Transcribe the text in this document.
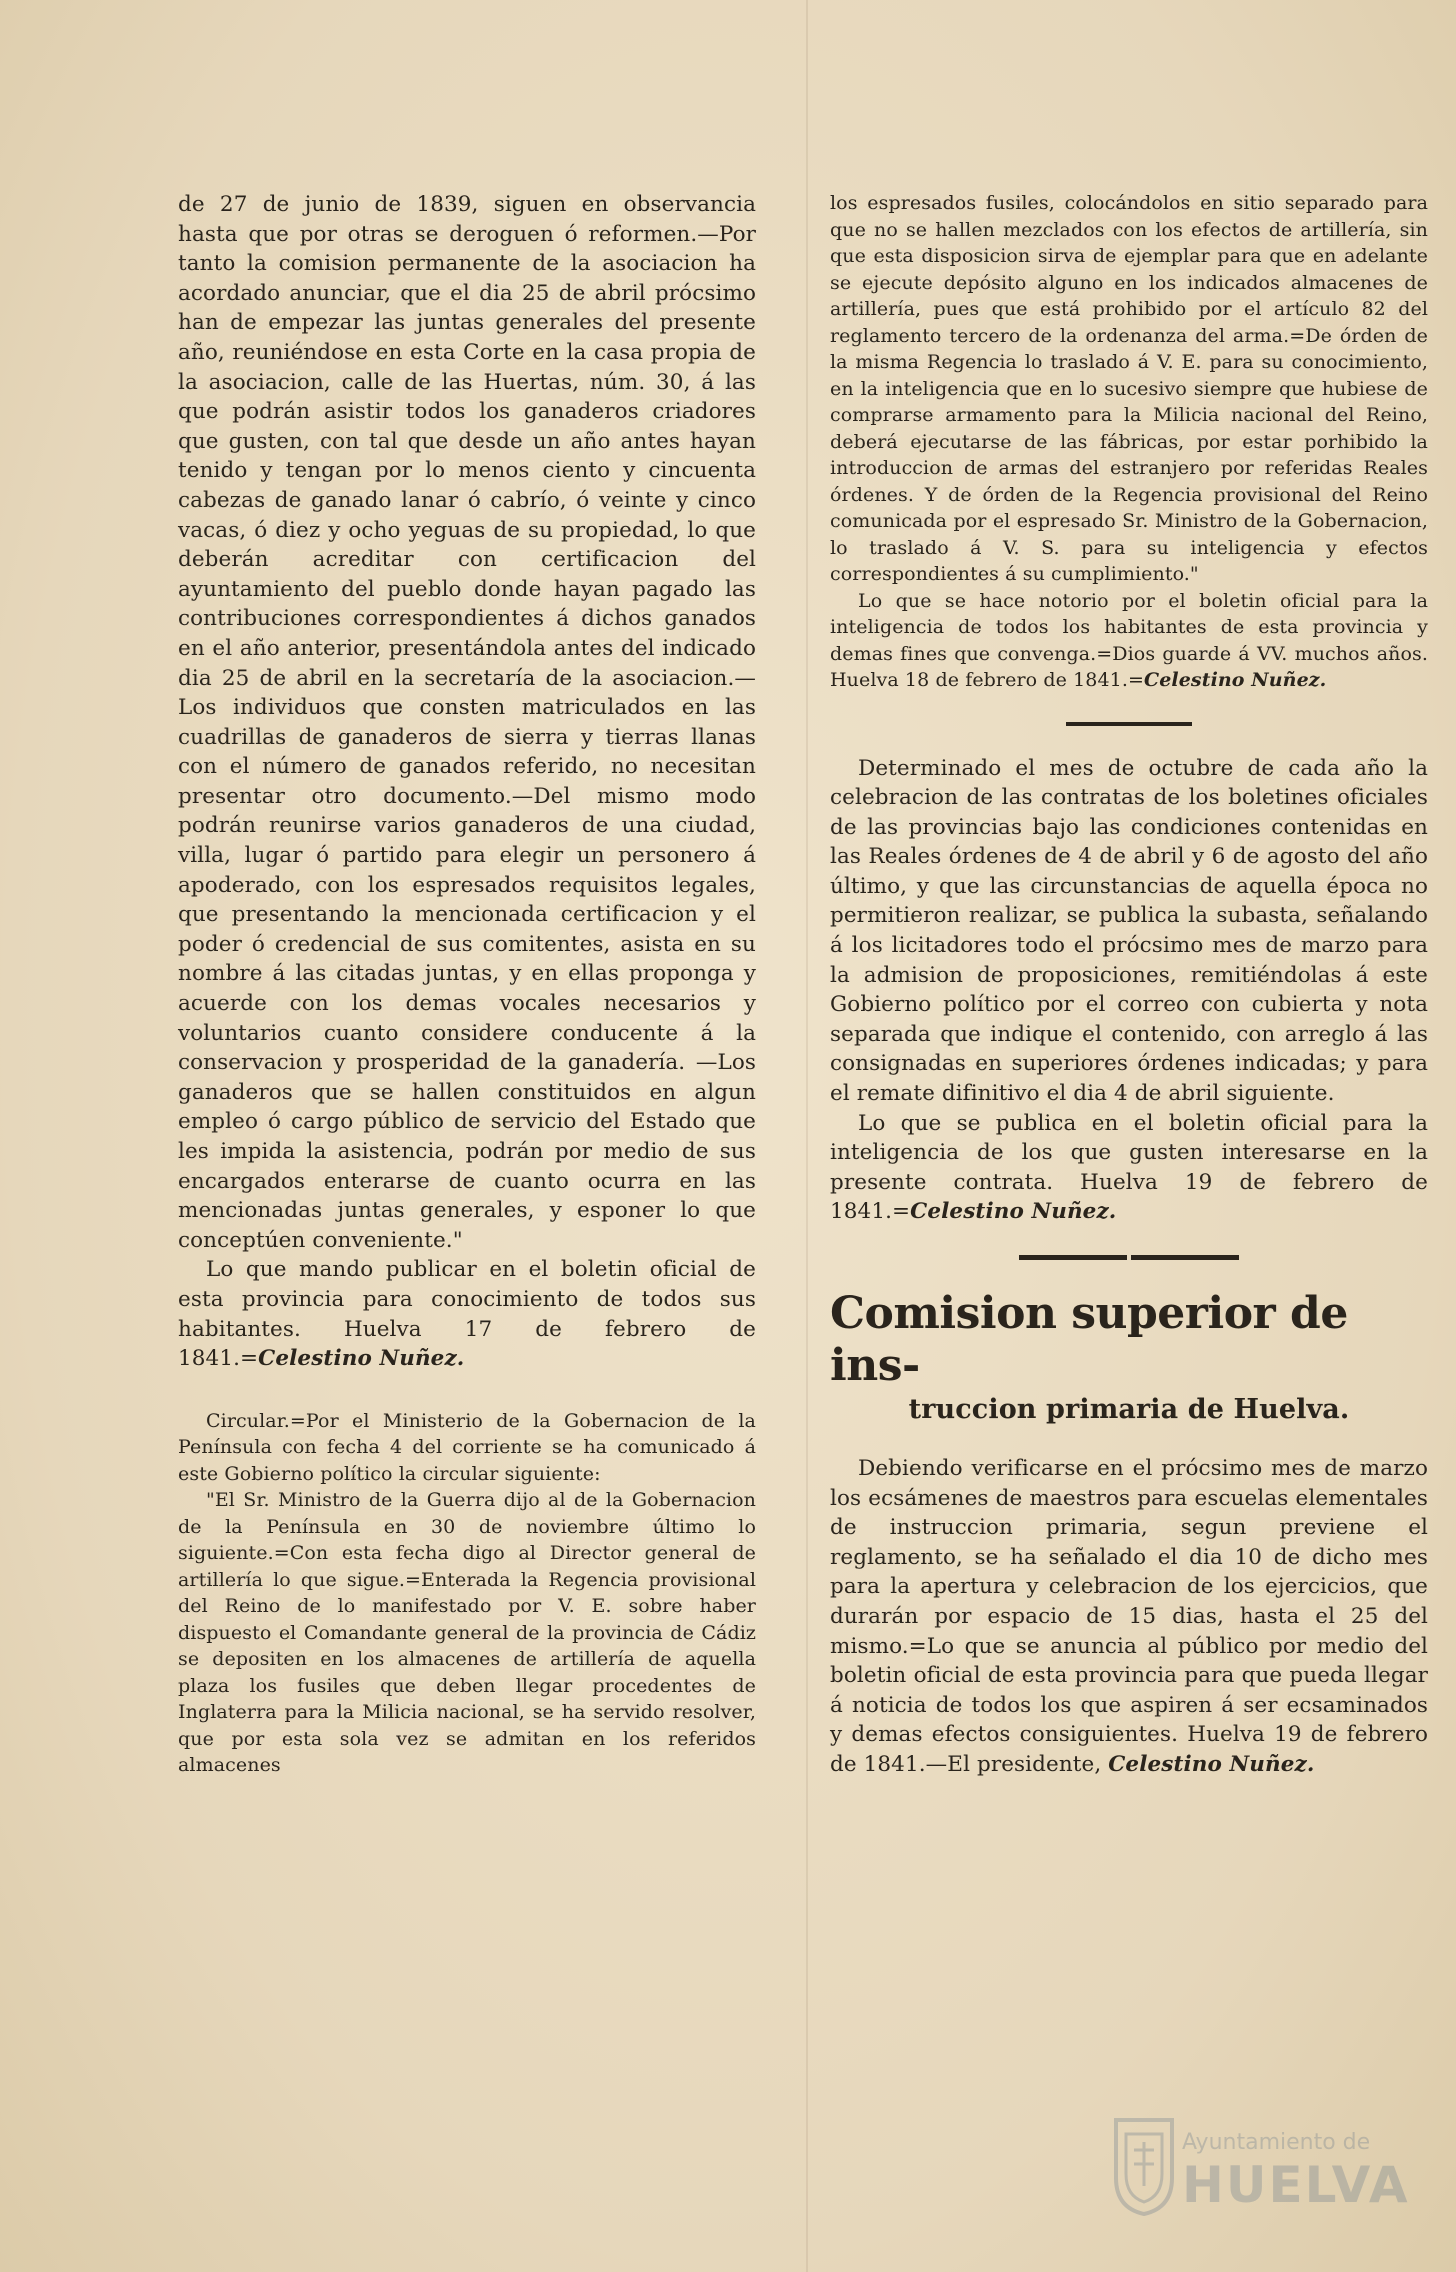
de 27 de junio de 1839, siguen en observancia hasta que por otras se deroguen ó reformen.—Por tanto la comision permanente de la asociacion ha acordado anunciar, que el dia 25 de abril prócsimo han de empezar las juntas generales del presente año, reuniéndose en esta Corte en la casa propia de la asociacion, calle de las Huertas, núm. 30, á las que podrán asistir todos los ganaderos criadores que gusten, con tal que desde un año antes hayan tenido y tengan por lo menos ciento y cincuenta cabezas de ganado lanar ó cabrío, ó veinte y cinco vacas, ó diez y ocho yeguas de su propiedad, lo que deberán acreditar con certificacion del ayuntamiento del pueblo donde hayan pagado las contribuciones correspondientes á dichos ganados en el año anterior, presentándola antes del indicado dia 25 de abril en la secretaría de la asociacion.—Los individuos que consten matriculados en las cuadrillas de ganaderos de sierra y tierras llanas con el número de ganados referido, no necesitan presentar otro documento.—Del mismo modo podrán reunirse varios ganaderos de una ciudad, villa, lugar ó partido para elegir un personero á apoderado, con los espresados requisitos legales, que presentando la mencionada certificacion y el poder ó credencial de sus comitentes, asista en su nombre á las citadas juntas, y en ellas proponga y acuerde con los demas vocales necesarios y voluntarios cuanto considere conducente á la conservacion y prosperidad de la ganadería. —Los ganaderos que se hallen constituidos en algun empleo ó cargo público de servicio del Estado que les impida la asistencia, podrán por medio de sus encargados enterarse de cuanto ocurra en las mencionadas juntas generales, y esponer lo que conceptúen conveniente."

Lo que mando publicar en el boletin oficial de esta provincia para conocimiento de todos sus habitantes. Huelva 17 de febrero de 1841.=Celestino Nuñez.

Circular.=Por el Ministerio de la Gobernacion de la Península con fecha 4 del corriente se ha comunicado á este Gobierno político la circular siguiente:

"El Sr. Ministro de la Guerra dijo al de la Gobernacion de la Península en 30 de noviembre último lo siguiente.=Con esta fecha digo al Director general de artillería lo que sigue.=Enterada la Regencia provisional del Reino de lo manifestado por V. E. sobre haber dispuesto el Comandante general de la provincia de Cádiz se depositen en los almacenes de artillería de aquella plaza los fusiles que deben llegar procedentes de Inglaterra para la Milicia nacional, se ha servido resolver, que por esta sola vez se admitan en los referidos almacenes

los espresados fusiles, colocándolos en sitio separado para que no se hallen mezclados con los efectos de artillería, sin que esta disposicion sirva de ejemplar para que en adelante se ejecute depósito alguno en los indicados almacenes de artillería, pues que está prohibido por el artículo 82 del reglamento tercero de la ordenanza del arma.=De órden de la misma Regencia lo traslado á V. E. para su conocimiento, en la inteligencia que en lo sucesivo siempre que hubiese de comprarse armamento para la Milicia nacional del Reino, deberá ejecutarse de las fábricas, por estar porhibido la introduccion de armas del estranjero por referidas Reales órdenes. Y de órden de la Regencia provisional del Reino comunicada por el espresado Sr. Ministro de la Gobernacion, lo traslado á V. S. para su inteligencia y efectos correspondientes á su cumplimiento."

Lo que se hace notorio por el boletin oficial para la inteligencia de todos los habitantes de esta provincia y demas fines que convenga.=Dios guarde á VV. muchos años. Huelva 18 de febrero de 1841.=Celestino Nuñez.

Determinado el mes de octubre de cada año la celebracion de las contratas de los boletines oficiales de las provincias bajo las condiciones contenidas en las Reales órdenes de 4 de abril y 6 de agosto del año último, y que las circunstancias de aquella época no permitieron realizar, se publica la subasta, señalando á los licitadores todo el prócsimo mes de marzo para la admision de proposiciones, remitiéndolas á este Gobierno político por el correo con cubierta y nota separada que indique el contenido, con arreglo á las consignadas en superiores órdenes indicadas; y para el remate difinitivo el dia 4 de abril siguiente.

Lo que se publica en el boletin oficial para la inteligencia de los que gusten interesarse en la presente contrata. Huelva 19 de febrero de 1841.=Celestino Nuñez.

Comision superior de ins-
truccion primaria de Huelva.

Debiendo verificarse en el prócsimo mes de marzo los ecsámenes de maestros para escuelas elementales de instruccion primaria, segun previene el reglamento, se ha señalado el dia 10 de dicho mes para la apertura y celebracion de los ejercicios, que durarán por espacio de 15 dias, hasta el 25 del mismo.=Lo que se anuncia al público por medio del boletin oficial de esta provincia para que pueda llegar á noticia de todos los que aspiren á ser ecsaminados y demas efectos consiguientes. Huelva 19 de febrero de 1841.—El presidente, Celestino Nuñez.

Ayuntamiento de
HUELVA
